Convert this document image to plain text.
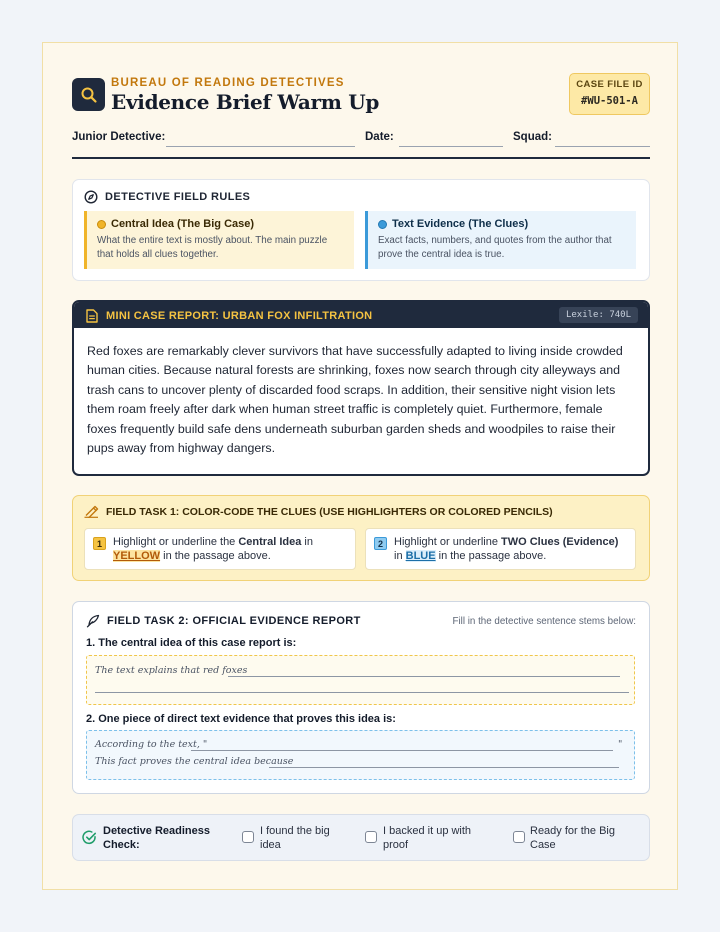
BUREAU OF READING DETECTIVES
Evidence Brief Warm Up
CASE FILE ID
#WU-501-A
Junior Detective:	Date:	Squad:
DETECTIVE FIELD RULES
Central Idea (The Big Case)
What the entire text is mostly about. The main puzzle that holds all clues together.
Text Evidence (The Clues)
Exact facts, numbers, and quotes from the author that prove the central idea is true.
MINI CASE REPORT: URBAN FOX INFILTRATION	Lexile: 740L
Red foxes are remarkably clever survivors that have successfully adapted to living inside crowded human cities. Because natural forests are shrinking, foxes now search through city alleyways and trash cans to uncover plenty of discarded food scraps. In addition, their sensitive night vision lets them roam freely after dark when human street traffic is completely quiet. Furthermore, female foxes frequently build safe dens underneath suburban garden sheds and woodpiles to raise their pups away from highway dangers.
FIELD TASK 1: COLOR-CODE THE CLUES (USE HIGHLIGHTERS OR COLORED PENCILS)
1	Highlight or underline the Central Idea in
YELLOW in the passage above.
2	Highlight or underline TWO Clues (Evidence)
in BLUE in the passage above.
FIELD TASK 2: OFFICIAL EVIDENCE REPORT	Fill in the detective sentence stems below:
1. The central idea of this case report is:
The text explains that red foxes
2. One piece of direct text evidence that proves this idea is:
According to the text, "	"
This fact proves the central idea because
Detective Readiness Check:
I found the big idea
I backed it up with proof
Ready for the Big Case
